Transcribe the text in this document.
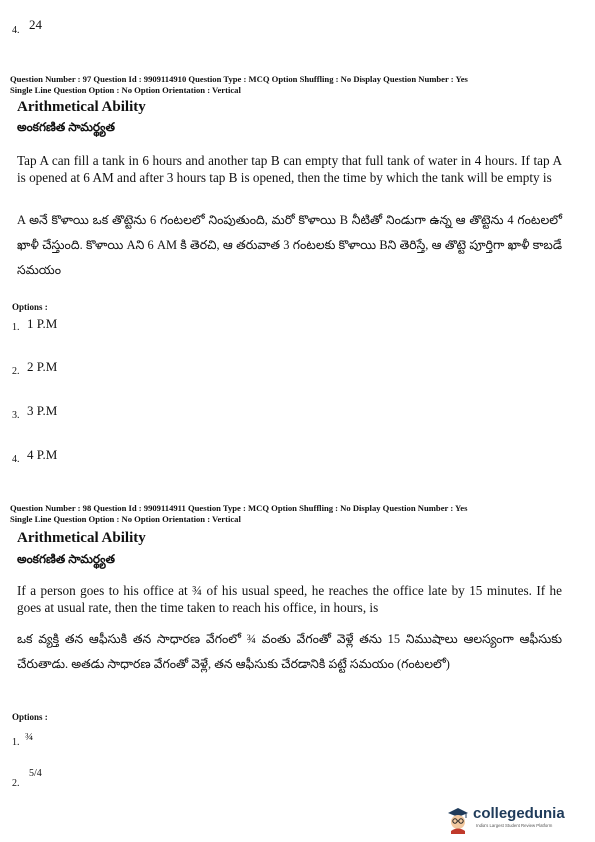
4. 24
Question Number : 97 Question Id : 9909114910 Question Type : MCQ Option Shuffling : No Display Question Number : Yes
Single Line Question Option : No Option Orientation : Vertical
Arithmetical Ability
అంకగణిత సామర్థ్యత
Tap A can fill a tank in 6 hours and another tap B can empty that full tank of water in 4 hours. If tap A is opened at 6 AM and after 3 hours tap B is opened, then the time by which the tank will be empty is
A అనే కొళాయి ఒక తొట్టెను 6 గంటలలో నింపుతుంది, మరో కొళాయి B నీటితో నిండుగా ఉన్న ఆ తొట్టెను 4 గంటలలో ఖాళీ చేస్తుంది. కొళాయి Aని 6 AM కి తెరచి, ఆ తరువాత 3 గంటలకు కొళాయి Bని తెరిస్తే, ఆ తొట్టె పూర్తిగా ఖాళీ కాబడే సమయం
Options :
1. 1 P.M
2. 2 P.M
3. 3 P.M
4. 4 P.M
Question Number : 98 Question Id : 9909114911 Question Type : MCQ Option Shuffling : No Display Question Number : Yes
Single Line Question Option : No Option Orientation : Vertical
Arithmetical Ability
అంకగణిత సామర్థ్యత
If a person goes to his office at ¾ of his usual speed, he reaches the office late by 15 minutes. If he goes at usual rate, then the time taken to reach his office, in hours, is
ఒక వ్యక్తి తన ఆఫీసుకి తన సాధారణ వేగంలో ¾ వంతు వేగంతో వెళ్లే తను 15 నిముషాలు ఆలస్యంగా ఆఫీసుకు చేరుతాడు. అతడు సాధారణ వేగంతో వెళ్లే, తన ఆఫీసుకు చేరడానికి పట్టే సమయం (గంటలలో)
Options :
1. ¾
2.
5/4
collegedunia
India's Largest Student Review Platform
